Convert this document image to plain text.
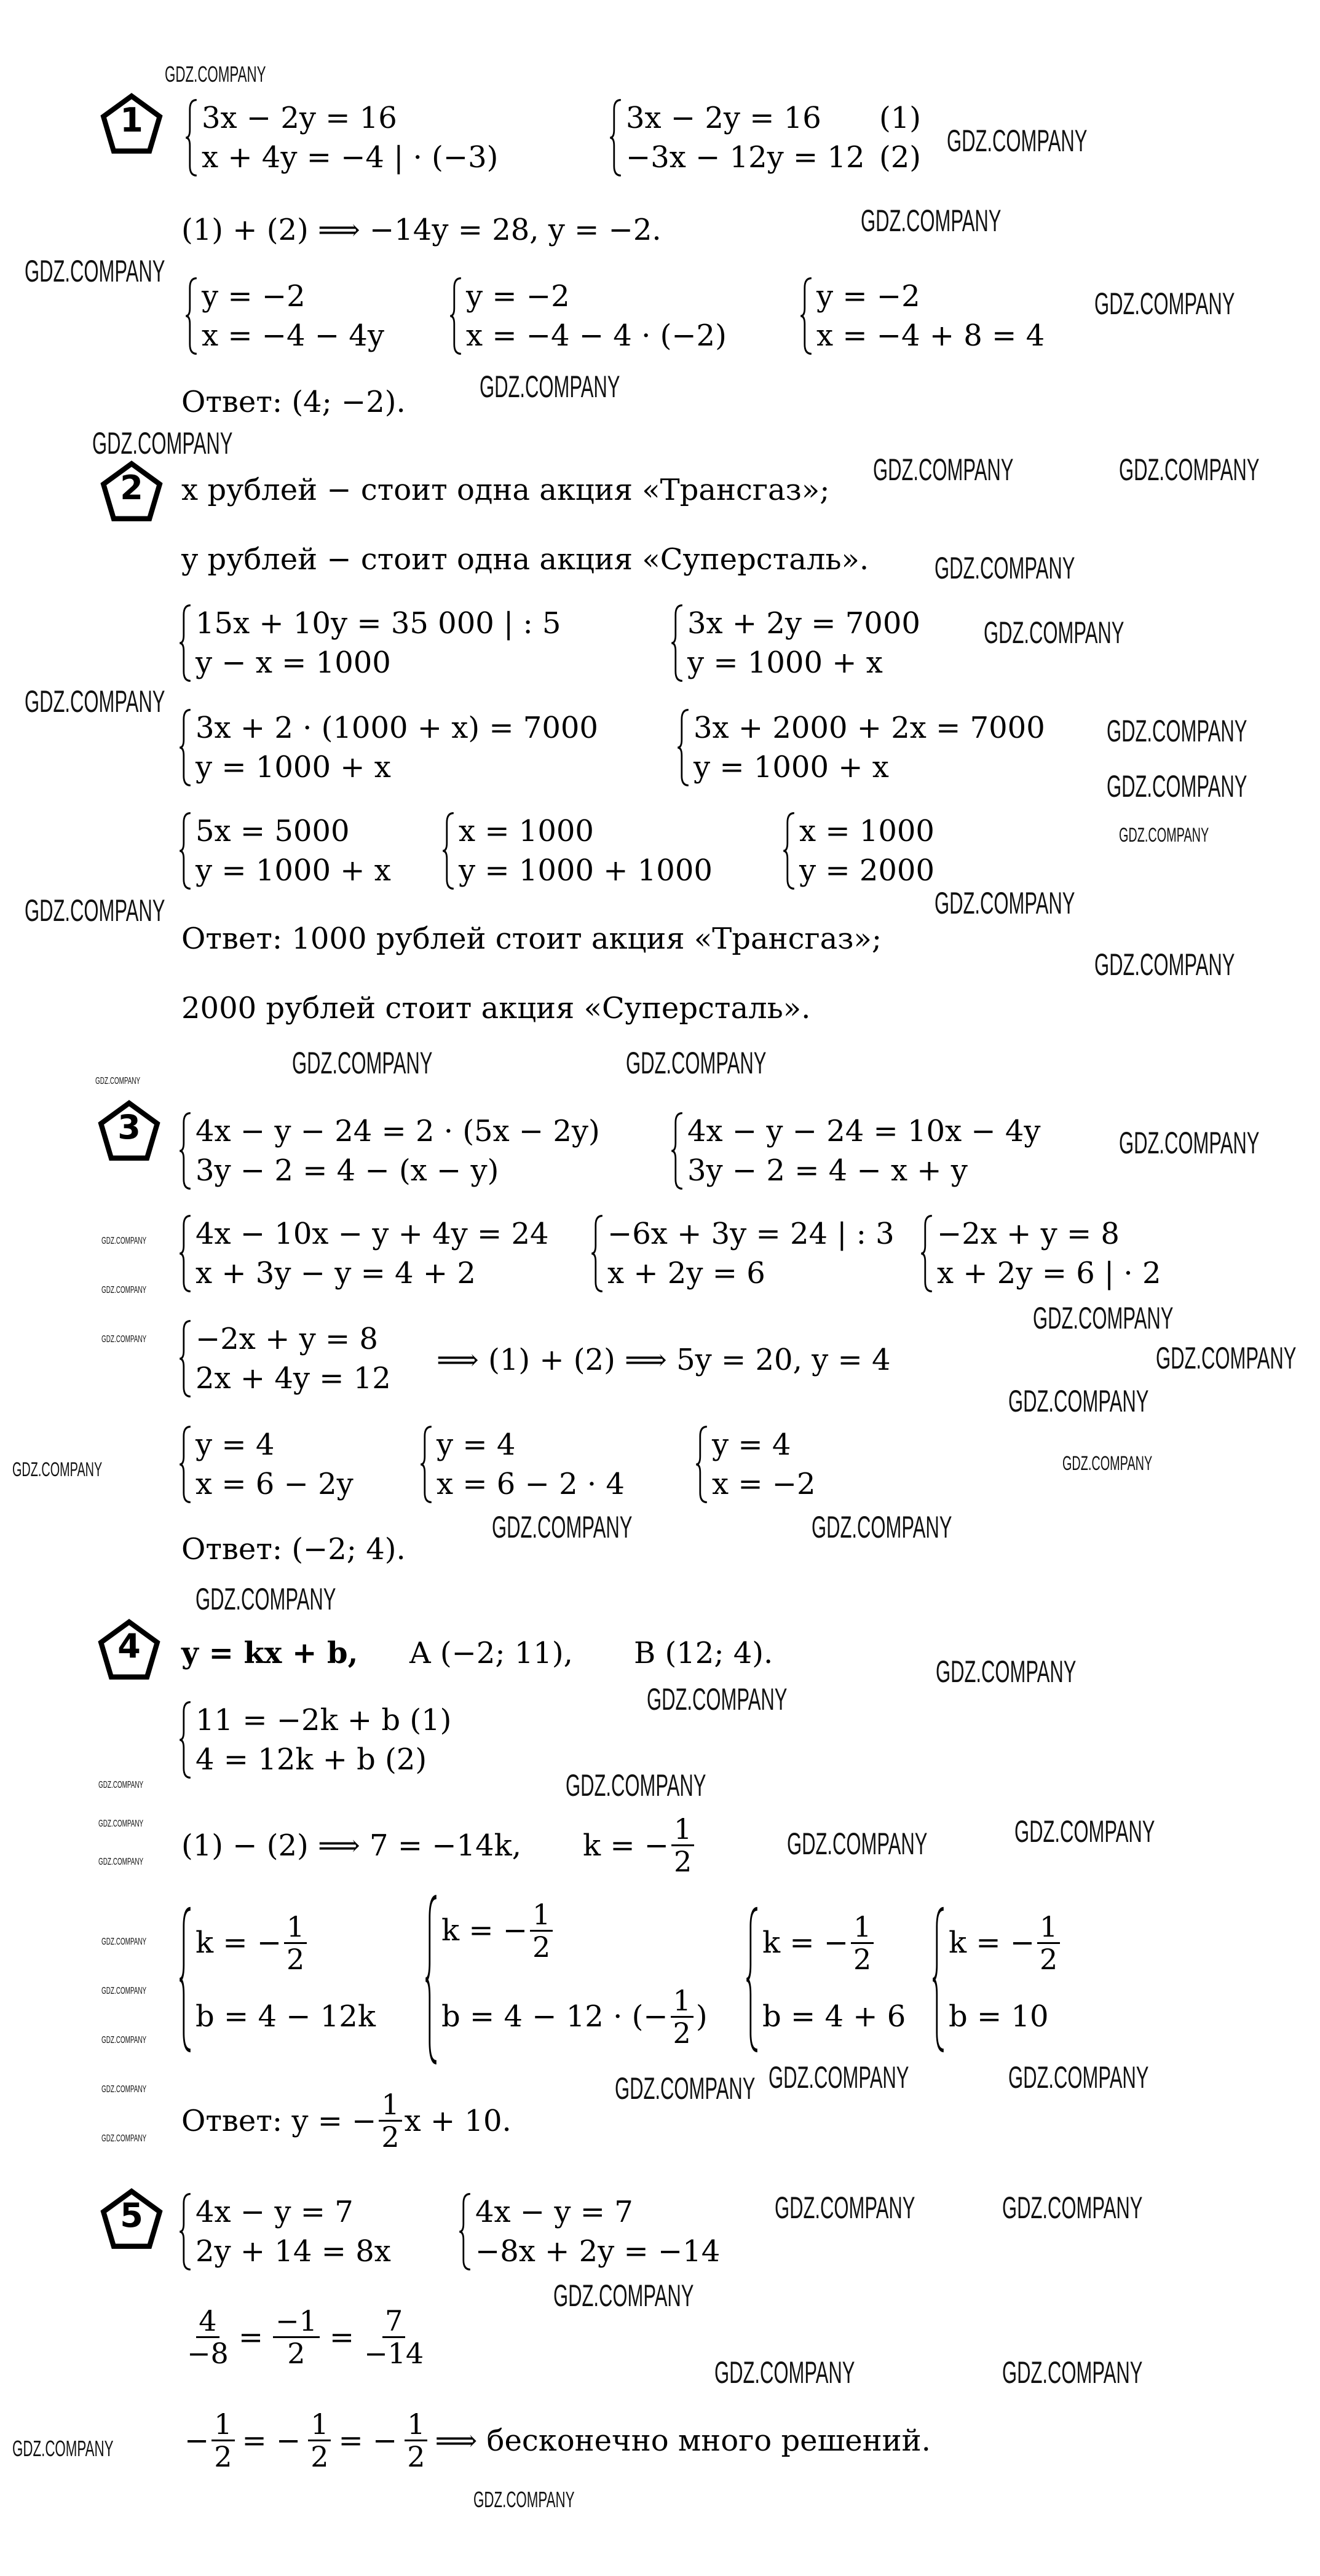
1	3x − 2y = 16
x + 4y = −4 | · (−3)
3x − 2y = 16
−3x − 12y = 12
(1)
(2)
(1) + (2) ⟹ −14y = 28, y = −2.
y = −2
x = −4 − 4y
y = −2
x = −4 − 4 · (−2)
y = −2
x = −4 + 8 = 4
Ответ: (4; −2).
2	x рублей − стоит одна акция «Трансгаз»;
y рублей − стоит одна акция «Суперсталь».
15x + 10y = 35 000 | : 5
y − x = 1000
3x + 2y = 7000
y = 1000 + x
3x + 2 · (1000 + x) = 7000
y = 1000 + x
3x + 2000 + 2x = 7000
y = 1000 + x
5x = 5000
y = 1000 + x
x = 1000
y = 1000 + 1000
x = 1000
y = 2000
Ответ: 1000 рублей стоит акция «Трансгаз»;
2000 рублей стоит акция «Суперсталь».
3	4x − y − 24 = 2 · (5x − 2y)
3y − 2 = 4 − (x − y)
4x − y − 24 = 10x − 4y
3y − 2 = 4 − x + y
4x − 10x − y + 4y = 24
x + 3y − y = 4 + 2
−6x + 3y = 24 | : 3
x + 2y = 6
−2x + y = 8
x + 2y = 6 | · 2
−2x + y = 8
2x + 4y = 12
⟹ (1) + (2) ⟹ 5y = 20, y = 4
y = 4
x = 6 − 2y
y = 4
x = 6 − 2 · 4
y = 4
x = −2
Ответ: (−2; 4).
4	y = kx + b, A (−2; 11), B (12; 4).
11 = −2k + b (1)
4 = 12k + b (2)
(1) − (2) ⟹ 7 = −14k, k = − $\frac{1}{2}$
k = − $\frac{1}{2}$
b = 4 − 12k
k = − $\frac{1}{2}$
b = 4 − 12 · (− $\frac{1}{2}$ )
k = − $\frac{1}{2}$
b = 4 + 6
k = − $\frac{1}{2}$
b = 10
Ответ: y = − $\frac{1}{2}$ x + 10.
5	4x − y = 7
2y + 14 = 8x
4x − y = 7
−8x + 2y = −14
$\frac{4}{-8} = \frac{-1}{2} = \frac{7}{-14}$
− $\frac{1}{2}$ = − $\frac{1}{2}$ = − $\frac{1}{2}$ ⟹ бесконечно много решений.
GDZ.COMPANY
GDZ.COMPANY
GDZ.COMPANY
GDZ.COMPANY
GDZ.COMPANY
GDZ.COMPANY
GDZ.COMPANY
GDZ.COMPANY	GDZ.COMPANY
GDZ.COMPANY
GDZ.COMPANY
GDZ.COMPANY
GDZ.COMPANY
GDZ.COMPANY
GDZ.COMPANY
GDZ.COMPANY	GDZ.COMPANY
GDZ.COMPANY
GDZ.COMPANY	GDZ.COMPANY
GDZ.COMPANY
GDZ.COMPANY
GDZ.COMPANY
GDZ.COMPANY
GDZ.COMPANY
GDZ.COMPANY	GDZ.COMPANY
GDZ.COMPANY
GDZ.COMPANY
GDZ.COMPANY
GDZ.COMPANY
GDZ.COMPANY
GDZ.COMPANY	GDZ.COMPANY
GDZ.COMPANY GDZ.COMPANY	GDZ.COMPANY
GDZ.COMPANY	GDZ.COMPANY
GDZ.COMPANY
GDZ.COMPANY	GDZ.COMPANY
GDZ.COMPANY
GDZ.COMPANY
GDZ.COMPANY
GDZ.COMPANY
GDZ.COMPANY
GDZ.COMPANY
GDZ.COMPANY
GDZ.COMPANY
GDZ.COMPANY
GDZ.COMPANY
GDZ.COMPANY
GDZ.COMPANY
GDZ.COMPANY
GDZ.COMPANY
